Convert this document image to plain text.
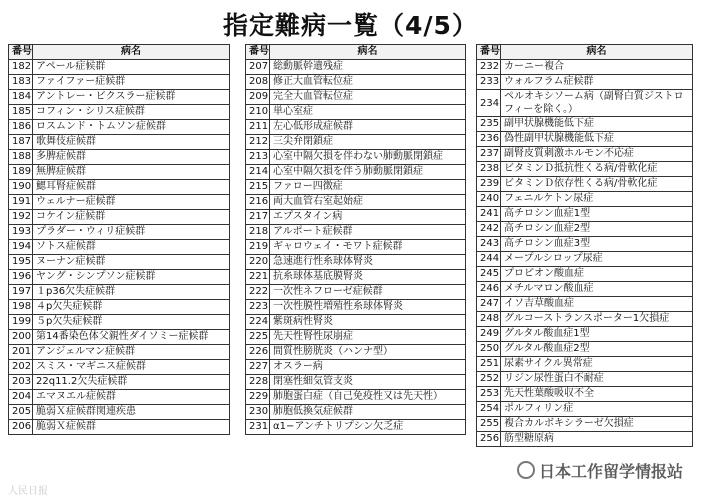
指定難病一覧（4/5）
番号	病名
182	アペール症候群
183	ファイファー症候群
184	アントレー・ビクスラー症候群
185	コフィン・シリス症候群
186	ロスムンド・トムソン症候群
187	歌舞伎症候群
188	多脾症候群
189	無脾症候群
190	鰓耳腎症候群
191	ウェルナー症候群
192	コケイン症候群
193	プラダー・ウィリ症候群
194	ソトス症候群
195	ヌーナン症候群
196	ヤング・シンプソン症候群
197	１p36欠失症候群
198	４p欠失症候群
199	５p欠失症候群
200	第14番染色体父親性ダイソミー症候群
201	アンジェルマン症候群
202	スミス・マギニス症候群
203	22q11.2欠失症候群
204	エマヌエル症候群
205	脆弱Ｘ症候群関連疾患
206	脆弱Ｘ症候群
番号	病名
207	総動脈幹遺残症
208	修正大血管転位症
209	完全大血管転位症
210	単心室症
211	左心低形成症候群
212	三尖弁閉鎖症
213	心室中隔欠損を伴わない肺動脈閉鎖症
214	心室中隔欠損を伴う肺動脈閉鎖症
215	ファロー四徴症
216	両大血管右室起始症
217	エプスタイン病
218	アルポート症候群
219	ギャロウェイ・モワト症候群
220	急速進行性糸球体腎炎
221	抗糸球体基底膜腎炎
222	一次性ネフローゼ症候群
223	一次性膜性増殖性糸球体腎炎
224	紫斑病性腎炎
225	先天性腎性尿崩症
226	間質性膀胱炎（ハンナ型）
227	オスラー病
228	閉塞性細気管支炎
229	肺胞蛋白症（自己免疫性又は先天性）
230	肺胞低換気症候群
231	α1−アンチトリプシン欠乏症
番号	病名
232	カーニー複合
233	ウォルフラム症候群
234	ペルオキシソーム病（副腎白質ジストロフィーを除く。）
235	副甲状腺機能低下症
236	偽性副甲状腺機能低下症
237	副腎皮質刺激ホルモン不応症
238	ビタミンＤ抵抗性くる病/骨軟化症
239	ビタミンＤ依存性くる病/骨軟化症
240	フェニルケトン尿症
241	高チロシン血症1型
242	高チロシン血症2型
243	高チロシン血症3型
244	メープルシロップ尿症
245	プロピオン酸血症
246	メチルマロン酸血症
247	イソ吉草酸血症
248	グルコーストランスポーター1欠損症
249	グルタル酸血症1型
250	グルタル酸血症2型
251	尿素サイクル異常症
252	リジン尿性蛋白不耐症
253	先天性葉酸吸収不全
254	ポルフィリン症
255	複合カルボキシラーゼ欠損症
256	筋型糖原病
人民日报
日本工作留学情报站
